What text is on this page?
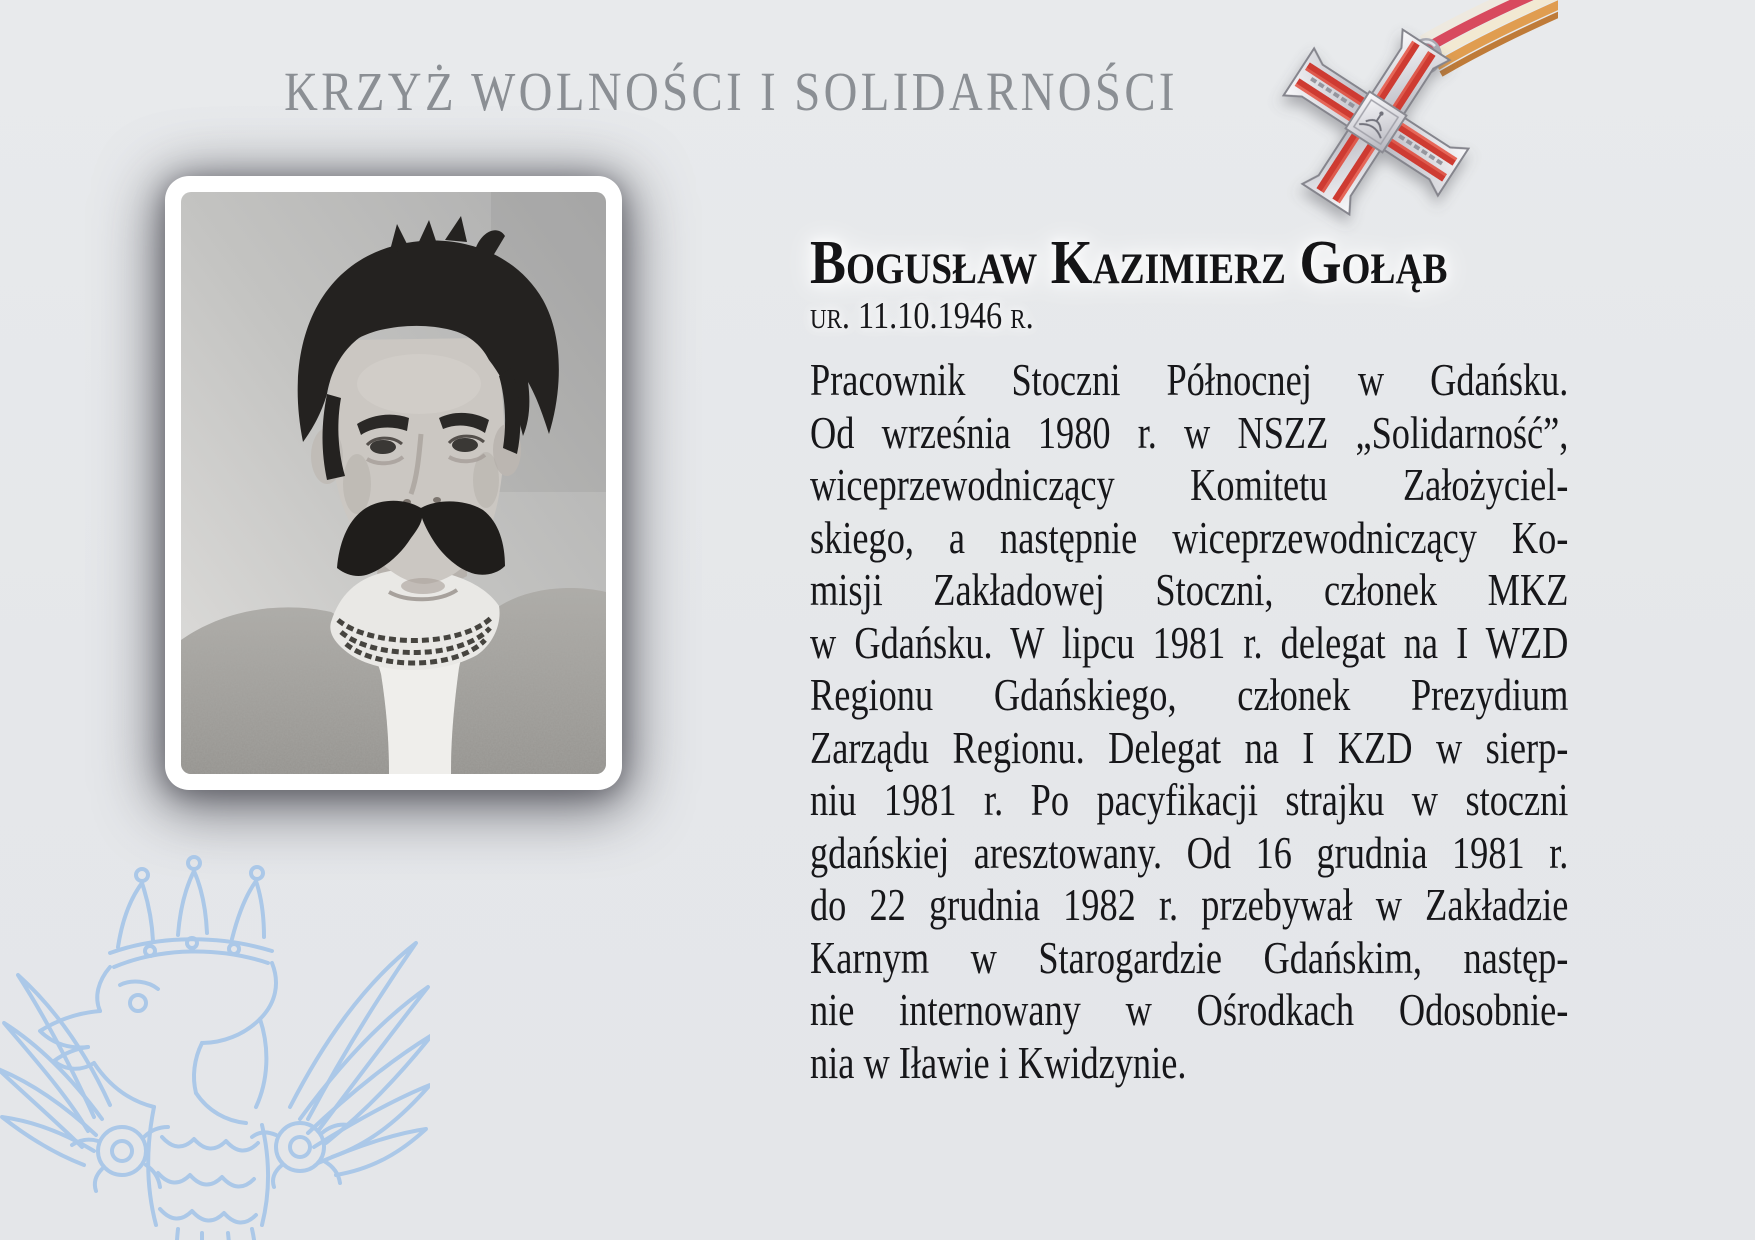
KRZYŻ WOLNOŚCI I SOLIDARNOŚCI
Bogusław Kazimierz Gołąb
ur. 11.10.1946 r.
Pracownik Stoczni Północnej w Gdańsku.
Od września 1980 r. w NSZZ „Solidarność”,
wiceprzewodniczący Komitetu Założyciel-
skiego, a następnie wiceprzewodniczący Ko-
misji Zakładowej Stoczni, członek MKZ
w Gdańsku. W lipcu 1981 r. delegat na I WZD
Regionu Gdańskiego, członek Prezydium
Zarządu Regionu. Delegat na I KZD w sierp-
niu 1981 r. Po pacyfikacji strajku w stoczni
gdańskiej aresztowany. Od 16 grudnia 1981 r.
do 22 grudnia 1982 r. przebywał w Zakładzie
Karnym w Starogardzie Gdańskim, następ-
nie internowany w Ośrodkach Odosobnie-
nia w Iławie i Kwidzynie.
